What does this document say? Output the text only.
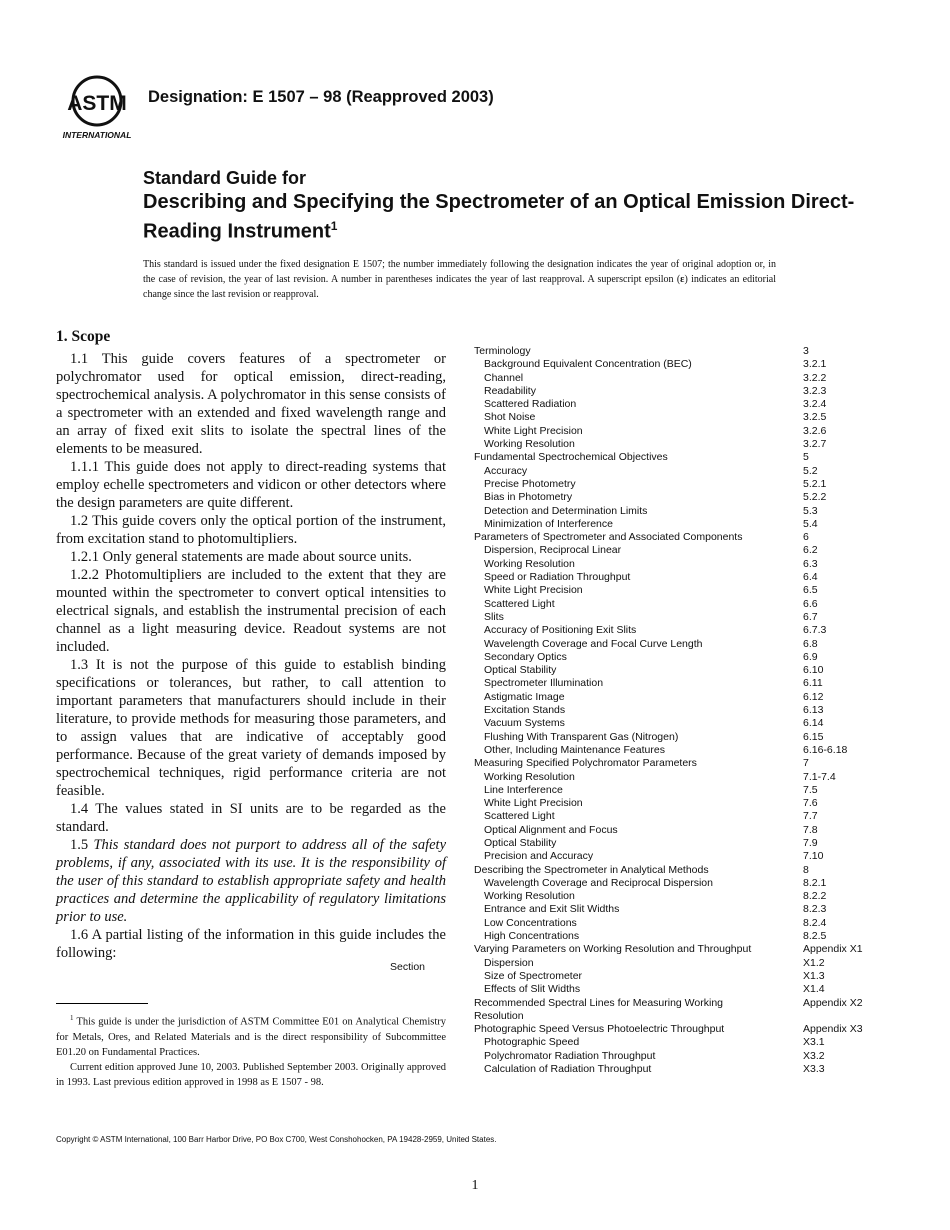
ASTM
INTERNATIONAL
Designation: E 1507 – 98 (Reapproved 2003)
Standard Guide for
Describing and Specifying the Spectrometer of an Optical Emission Direct-Reading Instrument$^1$
This standard is issued under the fixed designation E 1507; the number immediately following the designation indicates the year of original adoption or, in the case of revision, the year of last revision. A number in parentheses indicates the year of last reapproval. A superscript epsilon (ε) indicates an editorial change since the last revision or reapproval.
1. Scope

1.1 This guide covers features of a spectrometer or polychromator used for optical emission, direct-reading, spectrochemical analysis. A polychromator in this sense consists of a spectrometer with an extended and fixed wavelength range and an array of fixed exit slits to isolate the spectral lines of the elements to be measured.

1.1.1 This guide does not apply to direct-reading systems that employ echelle spectrometers and vidicon or other detectors where the design parameters are quite different.

1.2 This guide covers only the optical portion of the instrument, from excitation stand to photomultipliers.

1.2.1 Only general statements are made about source units.

1.2.2 Photomultipliers are included to the extent that they are mounted within the spectrometer to convert optical intensities to electrical signals, and establish the instrumental precision of each channel as a light measuring device. Readout systems are not included.

1.3 It is not the purpose of this guide to establish binding specifications or tolerances, but rather, to call attention to important parameters that manufacturers should include in their literature, to provide methods for measuring those parameters, and to assign values that are indicative of acceptably good performance. Because of the great variety of demands imposed by spectrochemical techniques, rigid performance criteria are not feasible.

1.4 The values stated in SI units are to be regarded as the standard.

1.5 This standard does not purport to address all of the safety problems, if any, associated with its use. It is the responsibility of the user of this standard to establish appropriate safety and health practices and determine the applicability of regulatory limitations prior to use.

1.6 A partial listing of the information in this guide includes the following:

Section

$^1$ This guide is under the jurisdiction of ASTM Committee E01 on Analytical Chemistry for Metals, Ores, and Related Materials and is the direct responsibility of Subcommittee E01.20 on Fundamental Practices.

Current edition approved June 10, 2003. Published September 2003. Originally approved in 1993. Last previous edition approved in 1998 as E 1507 - 98.

Terminology	3
Background Equivalent Concentration (BEC)	3.2.1
Channel	3.2.2
Readability	3.2.3
Scattered Radiation	3.2.4
Shot Noise	3.2.5
White Light Precision	3.2.6
Working Resolution	3.2.7
Fundamental Spectrochemical Objectives	5
Accuracy	5.2
Precise Photometry	5.2.1
Bias in Photometry	5.2.2
Detection and Determination Limits	5.3
Minimization of Interference	5.4
Parameters of Spectrometer and Associated Components	6
Dispersion, Reciprocal Linear	6.2
Working Resolution	6.3
Speed or Radiation Throughput	6.4
White Light Precision	6.5
Scattered Light	6.6
Slits	6.7
Accuracy of Positioning Exit Slits	6.7.3
Wavelength Coverage and Focal Curve Length	6.8
Secondary Optics	6.9
Optical Stability	6.10
Spectrometer Illumination	6.11
Astigmatic Image	6.12
Excitation Stands	6.13
Vacuum Systems	6.14
Flushing With Transparent Gas (Nitrogen)	6.15
Other, Including Maintenance Features	6.16-6.18
Measuring Specified Polychromator Parameters	7
Working Resolution	7.1-7.4
Line Interference	7.5
White Light Precision	7.6
Scattered Light	7.7
Optical Alignment and Focus	7.8
Optical Stability	7.9
Precision and Accuracy	7.10
Describing the Spectrometer in Analytical Methods	8
Wavelength Coverage and Reciprocal Dispersion	8.2.1
Working Resolution	8.2.2
Entrance and Exit Slit Widths	8.2.3
Low Concentrations	8.2.4
High Concentrations	8.2.5
Varying Parameters on Working Resolution and Throughput	Appendix X1
Dispersion	X1.2
Size of Spectrometer	X1.3
Effects of Slit Widths	X1.4
Recommended Spectral Lines for Measuring Working Resolution
Appendix X2
Photographic Speed Versus Photoelectric Throughput	Appendix X3
Photographic Speed	X3.1
Polychromator Radiation Throughput	X3.2
Calculation of Radiation Throughput	X3.3
Copyright © ASTM International, 100 Barr Harbor Drive, PO Box C700, West Conshohocken, PA 19428-2959, United States.
1
